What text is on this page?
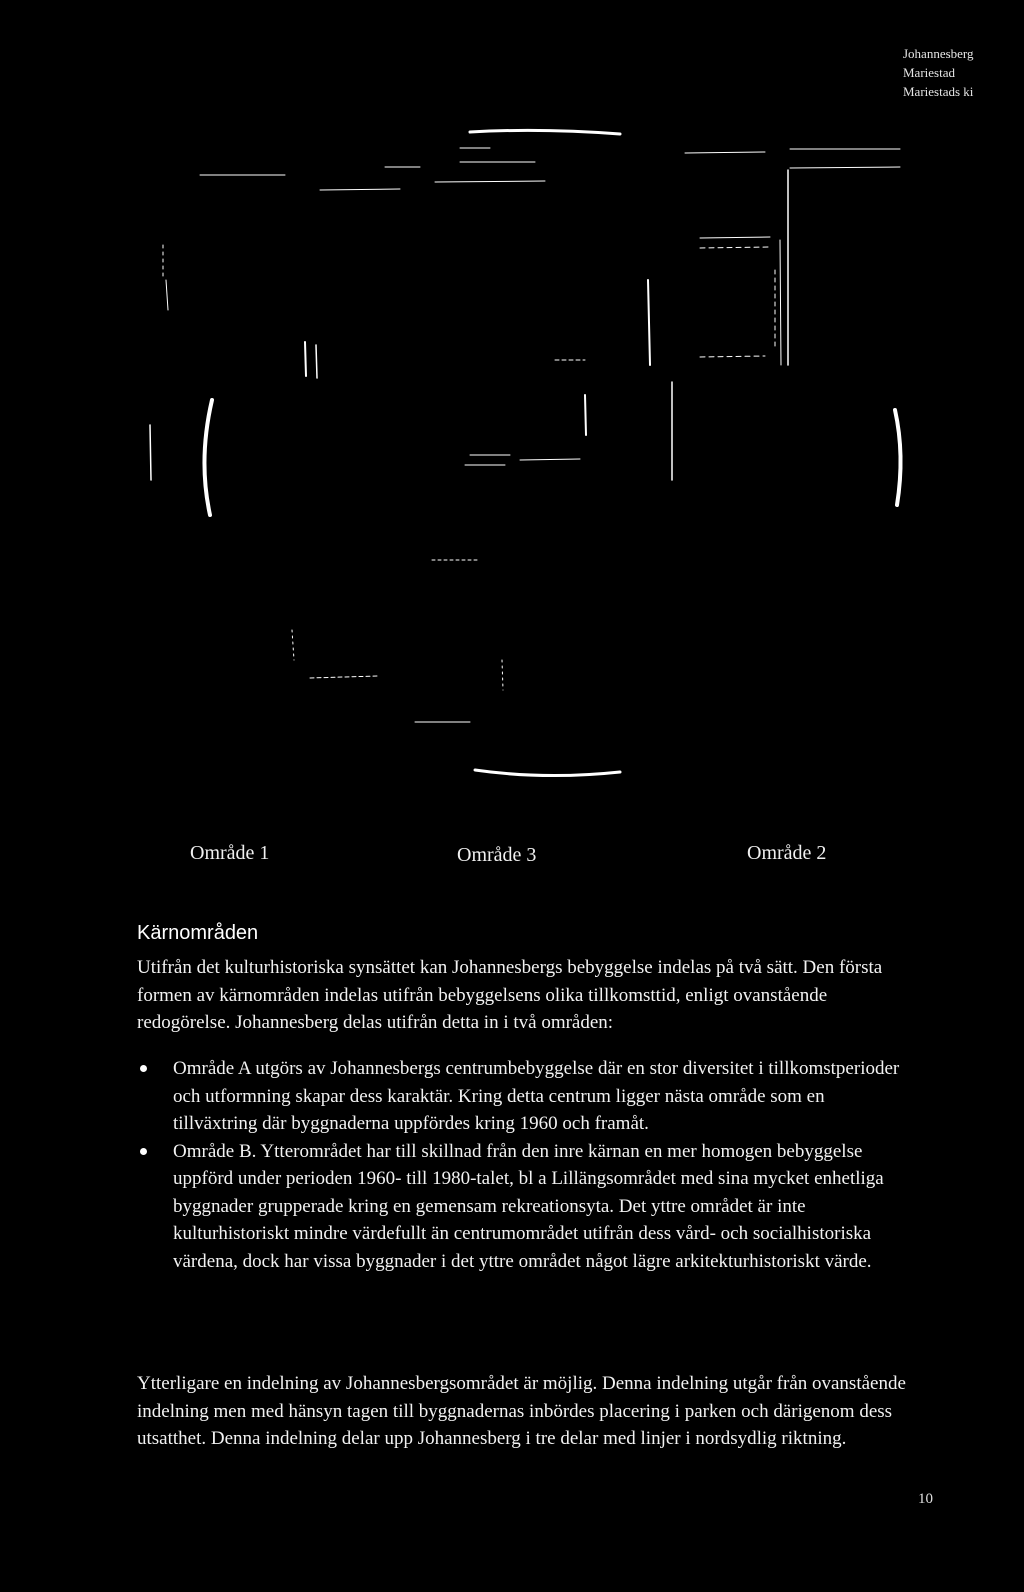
Johannesberg
Mariestad
Mariestads ki
Område 1	Område 3	Område 2
Kärnområden
Utifrån det kulturhistoriska synsättet kan Johannesbergs bebyggelse indelas på två sätt. Den första formen av kärnområden indelas utifrån bebyggelsens olika tillkomsttid, enligt ovanstående redogörelse. Johannesberg delas utifrån detta in i två områden:
Område A utgörs av Johannesbergs centrumbebyggelse där en stor diversitet i tillkomstperioder och utformning skapar dess karaktär. Kring detta centrum ligger nästa område som en tillväxtring där byggnaderna uppfördes kring 1960 och framåt.
Område B. Ytterområdet har till skillnad från den inre kärnan en mer homogen bebyggelse uppförd under perioden 1960- till 1980-talet, bl a Lillängsområdet med sina mycket enhetliga byggnader grupperade kring en gemensam rekreationsyta. Det yttre området är inte kulturhistoriskt mindre värdefullt än centrumområdet utifrån dess vård- och socialhistoriska värdena, dock har vissa byggnader i det yttre området något lägre arkitekturhistoriskt värde.
Ytterligare en indelning av Johannesbergsområdet är möjlig. Denna indelning utgår från ovanstående indelning men med hänsyn tagen till byggnadernas inbördes placering i parken och därigenom dess utsatthet. Denna indelning delar upp Johannesberg i tre delar med linjer i nordsydlig riktning.
10
